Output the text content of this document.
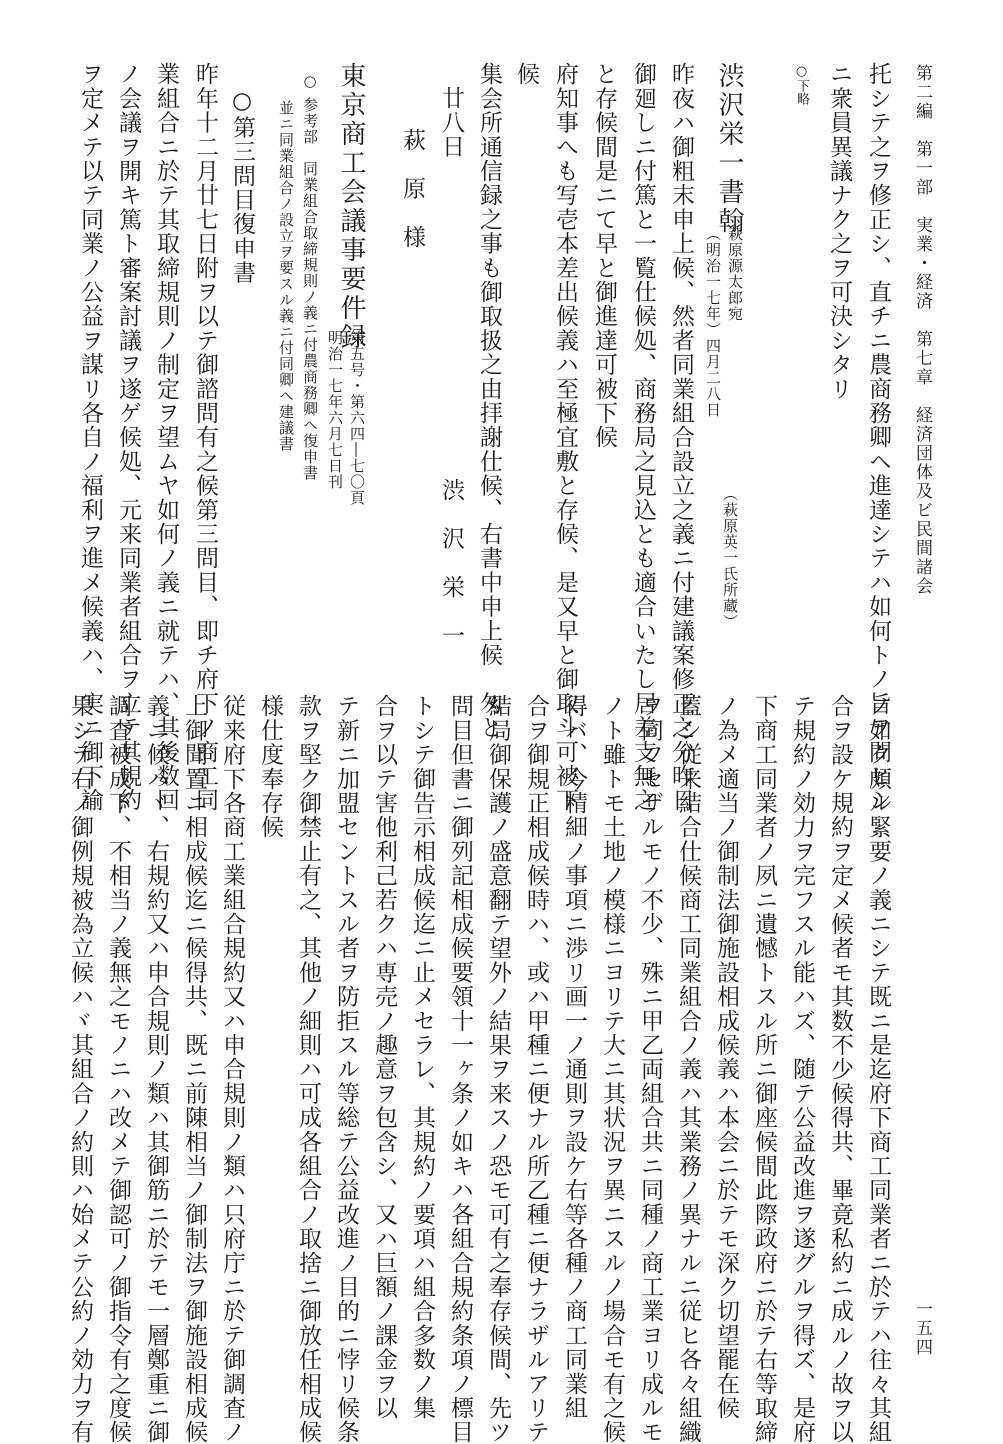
第二編　第一部　実業・経済　第七章　経済団体及ビ民間諸会
一五四
托シテ之ヲ修正シ、直チニ農商務卿ヘ進達シテハ如何トノ旨ヲ問ヒシ
ニ衆員異議ナク之ヲ可決シタリ
○下略
渋沢栄一書翰
萩原源太郎宛
（明治一七年）四月二八日
（萩原英一氏所蔵）
昨夜ハ御粗末申上候、然者同業組合設立之義ニ付建議案修正之分昨日
御廻しニ付篤と一覧仕候処、商務局之見込とも適合いたし居差支無之
と存候間是ニて早と御進達可被下候
府知事へも写壱本差出候義ハ至極宜敷と存候、是又早と御取斗可被下
候
集会所通信録之事も御取扱之由拝謝仕候、右書中申上候　匆と
廿八日
渋　沢　栄　一
萩　原　様
東京商工会議事要件録
第五号・第六四―七〇頁
明治一七年六月七日刊
○ 参考部　同業組合取締規則ノ義ニ付農商務卿ヘ復申書
並ニ同業組合ノ設立ヲ要スル義ニ付同卿ヘ建議書
○第三問目復申書
昨年十二月廿七日附ヲ以テ御諮問有之候第三問目、即チ府下ノ商工同
業組合ニ於テ其取締規則ノ制定ヲ望ムヤ如何ノ義ニ就テハ、其後数回
ノ会議ヲ開キ篤ト審案討議ヲ遂ゲ候処、元来同業者組合ヲ立テ其規約
ヲ定メテ以テ同業ノ公益ヲ謀リ各自ノ福利ヲ進メ候義ハ、実ニ御下諭
ノ如ク頗ル緊要ノ義ニシテ既ニ是迄府下商工同業者ニ於テハ往々其組
合ヲ設ケ規約ヲ定メ候者モ其数不少候得共、畢竟私約ニ成ルノ故ヲ以
テ規約ノ効力ヲ完フスル能ハズ、随テ公益改進ヲ遂グルヲ得ズ、是府
下商工同業者ノ夙ニ遺憾トスル所ニ御座候間此際政府ニ於テ右等取締
ノ為メ適当ノ御制法御施設相成候義ハ本会ニ於テモ深ク切望罷在候
蓋シ従来結合仕候商工同業組合ノ義ハ其業務ノ異ナルニ従ヒ各々組織
ヲ同フセザルモノ不少、殊ニ甲乙両組合共ニ同種ノ商工業ヨリ成ルモ
ノト雖トモ土地ノ模様ニヨリテ大ニ其状況ヲ異ニスルノ場合モ有之候
得バ、今精細ノ事項ニ渉リ画一ノ通則ヲ設ケ右等各種ノ商工同業組
合ヲ御規正相成候時ハ、或ハ甲種ニ便ナル所乙種ニ便ナラザルアリテ
結局御保護ノ盛意翻テ望外ノ結果ヲ来スノ恐モ可有之奉存候間、先ツ
問目但書ニ御列記相成候要領十一ヶ条ノ如キハ各組合規約条項ノ標目
トシテ御告示相成候迄ニ止メセラレ、其規約ノ要項ハ組合多数ノ集
合ヲ以テ害他利己若クハ専売ノ趣意ヲ包含シ、又ハ巨額ノ課金ヲ以
テ新ニ加盟セントスル者ヲ防拒スル等総テ公益改進ノ目的ニ悖リ候条
款ヲ堅ク御禁止有之、其他ノ細則ハ可成各組合ノ取捨ニ御放任相成候
様仕度奉存候
従来府下各商工業組合規約又ハ申合規則ノ類ハ只府庁ニ於テ御調査ノ
上御聞置ニ相成候迄ニ候得共、既ニ前陳相当ノ御制法ヲ御施設相成候
義ニ候ハヾ、右規約又ハ申合規則ノ類ハ其御筋ニ於テモ一層鄭重ニ御
調査被成下、不相当ノ義無之モノニハ改メテ御認可ノ御指令有之度候
果シテ右ノ御例規被為立候ハヾ其組合ノ約則ハ始メテ公約ノ効力ヲ有
